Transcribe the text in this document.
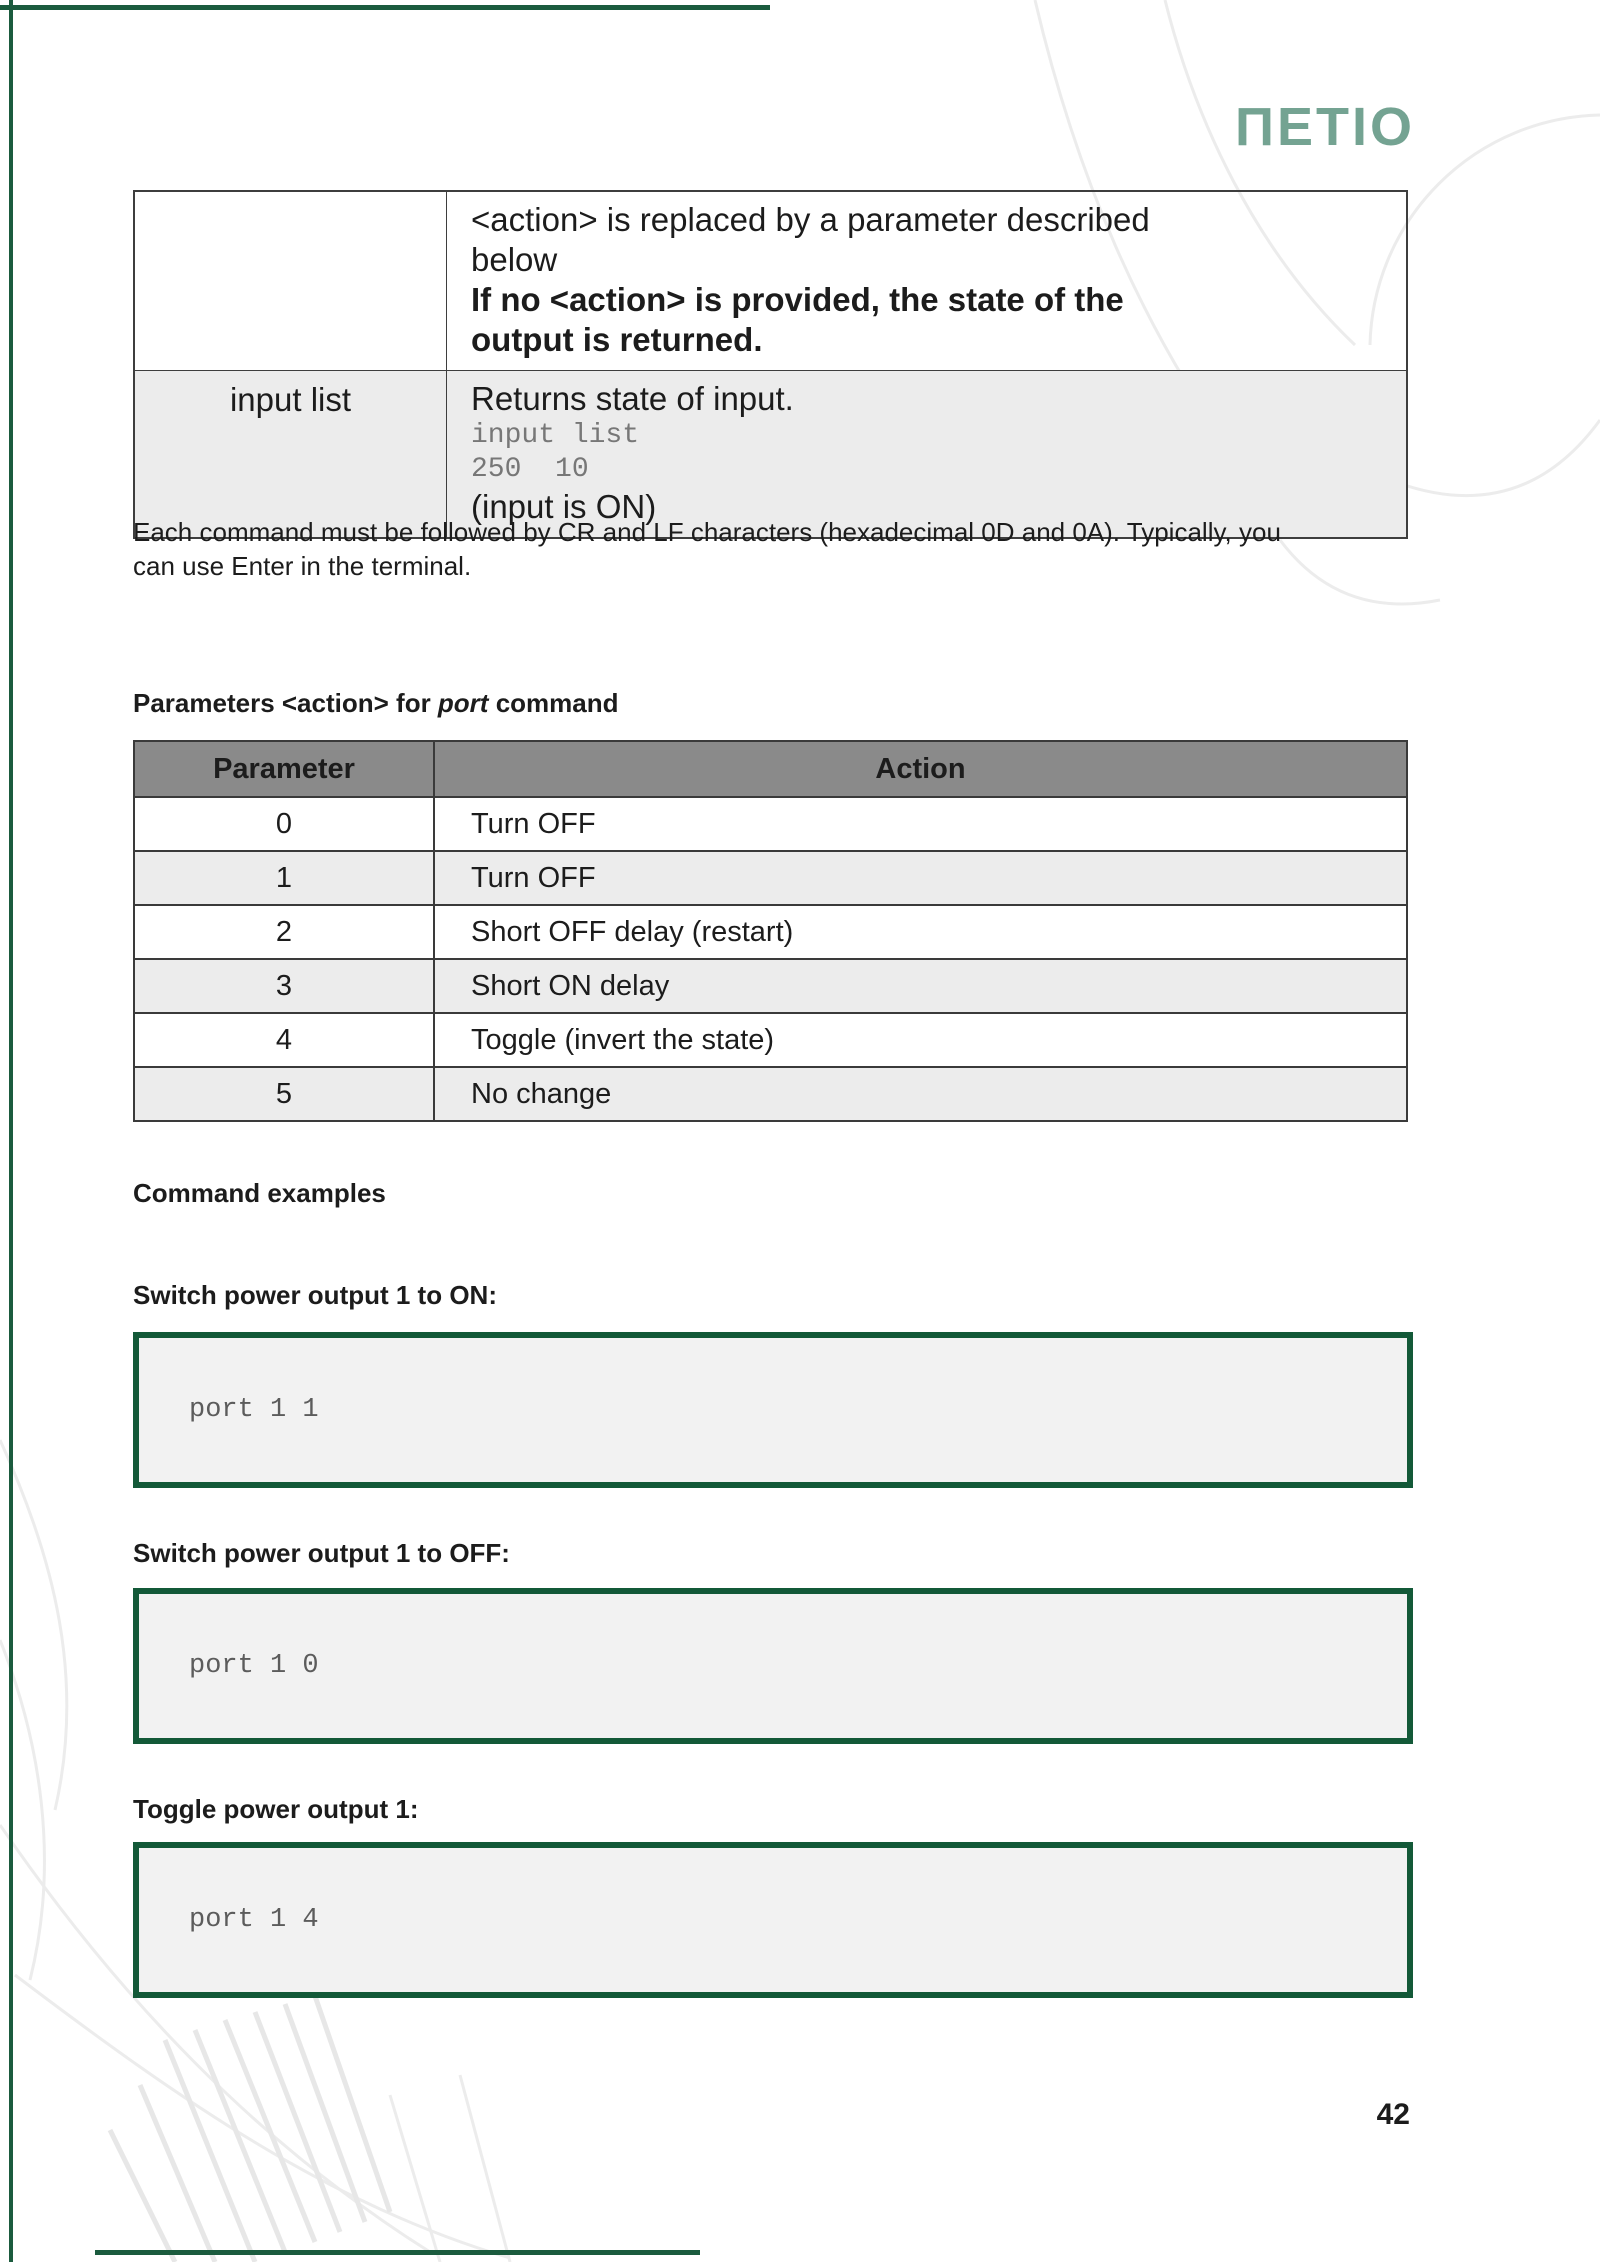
ΠETIO
<action> is replaced by a parameter described
below
If no <action> is provided, the state of the
output is returned.
input list	Returns state of input.
input list
250  10
(input is ON)
Each command must be followed by CR and LF characters (hexadecimal 0D and 0A). Typically, you
can use Enter in the terminal.
Parameters <action> for port command
Parameter	Action
0	Turn OFF
1	Turn OFF
2	Short OFF delay (restart)
3	Short ON delay
4	Toggle (invert the state)
5	No change
Command examples
Switch power output 1 to ON:
port 1 1
Switch power output 1 to OFF:
port 1 0
Toggle power output 1:
port 1 4
42
